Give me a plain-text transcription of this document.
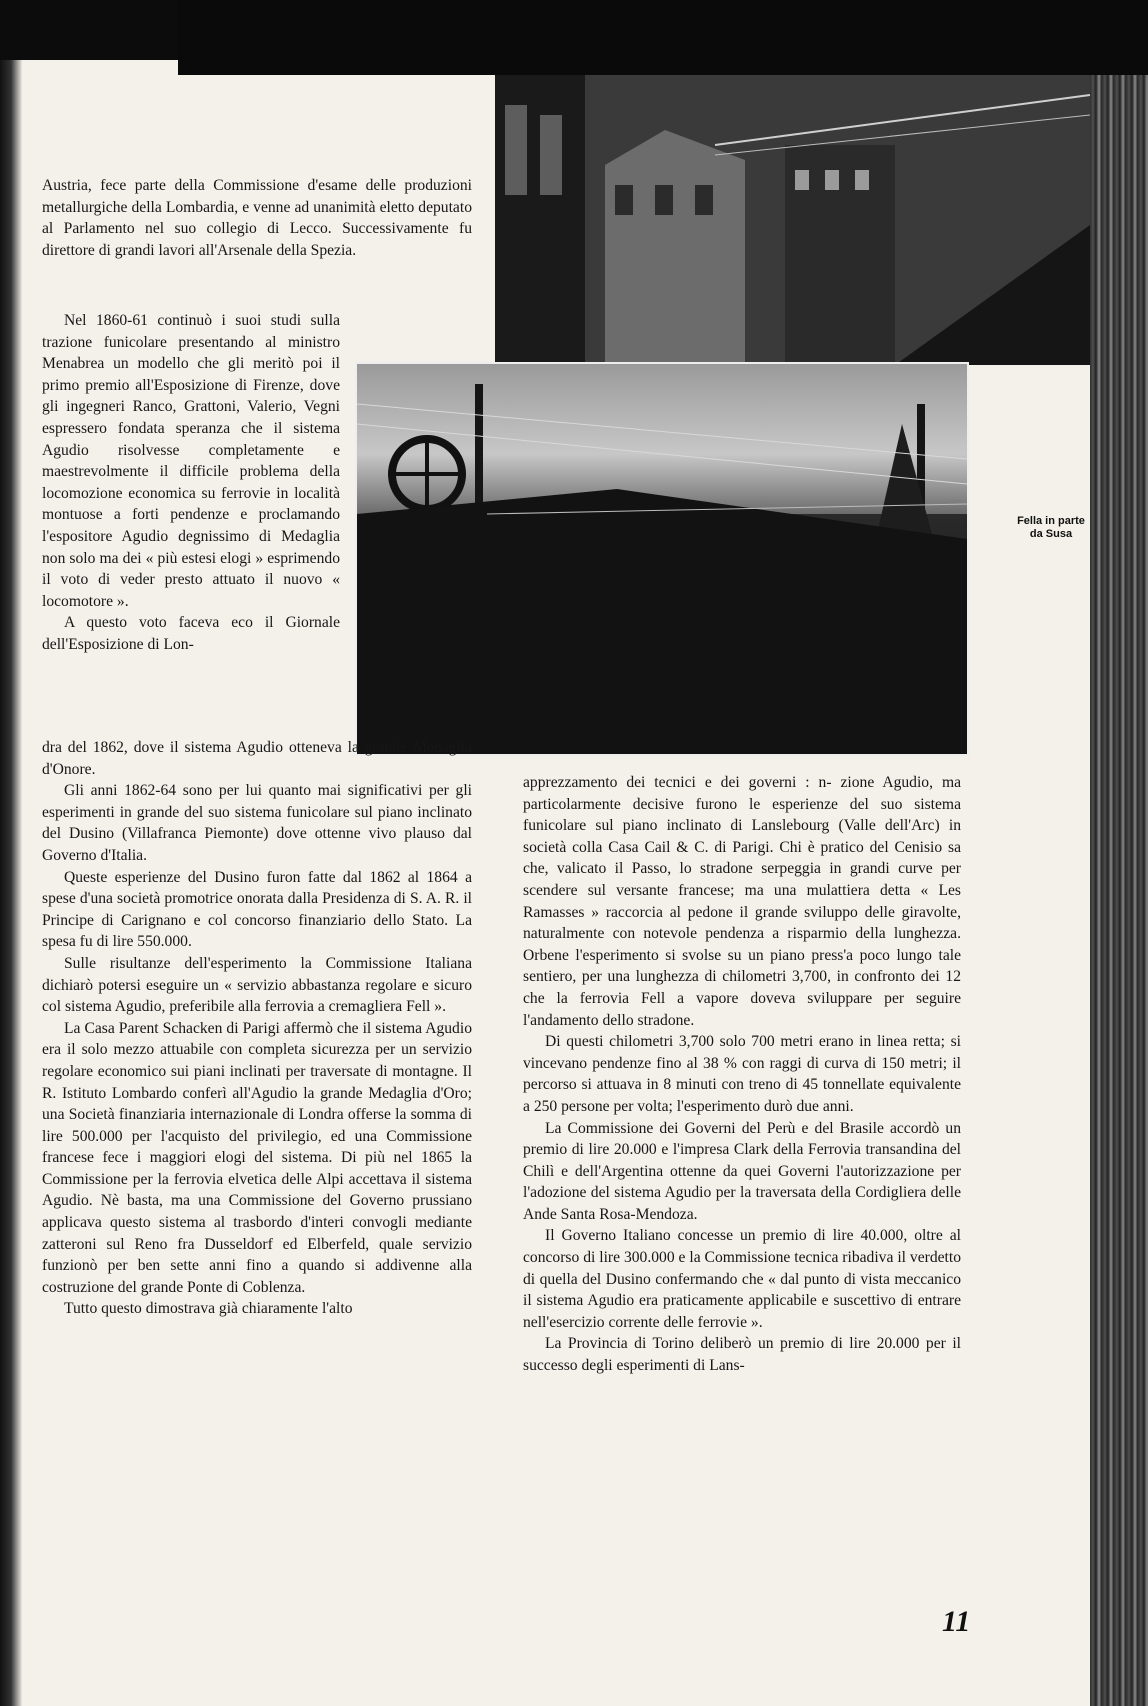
Fella in parte
da Susa

Austria, fece parte della Commissione d'esame delle produzioni metallurgiche della Lombardia, e venne ad unanimità eletto deputato al Parlamento nel suo collegio di Lecco. Successivamente fu direttore di grandi lavori all'Arsenale della Spezia.

Nel 1860-61 continuò i suoi studi sulla trazione funicolare presentando al ministro Menabrea un modello che gli meritò poi il primo premio all'Esposizione di Firenze, dove gli ingegneri Ranco, Grattoni, Valerio, Vegni espressero fondata speranza che il sistema Agudio risolvesse completamente e maestrevolmente il difficile problema della locomozione economica su ferrovie in località montuose a forti pendenze e proclamando l'espositore Agudio degnissimo di Medaglia non solo ma dei « più estesi elogi » esprimendo il voto di veder presto attuato il nuovo « locomotore ».

A questo voto faceva eco il Giornale dell'Esposizione di Lon-

dra del 1862, dove il sistema Agudio otteneva la grande Medaglia d'Onore.

Gli anni 1862-64 sono per lui quanto mai significativi per gli esperimenti in grande del suo sistema funicolare sul piano inclinato del Dusino (Villafranca Piemonte) dove ottenne vivo plauso dal Governo d'Italia.

Queste esperienze del Dusino furon fatte dal 1862 al 1864 a spese d'una società promotrice onorata dalla Presidenza di S. A. R. il Principe di Carignano e col concorso finanziario dello Stato. La spesa fu di lire 550.000.

Sulle risultanze dell'esperimento la Commissione Italiana dichiarò potersi eseguire un « servizio abbastanza regolare e sicuro col sistema Agudio, preferibile alla ferrovia a cremagliera Fell ».

La Casa Parent Schacken di Parigi affermò che il sistema Agudio era il solo mezzo attuabile con completa sicurezza per un servizio regolare economico sui piani inclinati per traversate di montagne. Il R. Istituto Lombardo conferì all'Agudio la grande Medaglia d'Oro; una Società finanziaria internazionale di Londra offerse la somma di lire 500.000 per l'acquisto del privilegio, ed una Commissione francese fece i maggiori elogi del sistema. Di più nel 1865 la Commissione per la ferrovia elvetica delle Alpi accettava il sistema Agudio. Nè basta, ma una Commissione del Governo prussiano applicava questo sistema al trasbordo d'interi convogli mediante zatteroni sul Reno fra Dusseldorf ed Elberfeld, quale servizio funzionò per ben sette anni fino a quando si addivenne alla costruzione del grande Ponte di Coblenza.

Tutto questo dimostrava già chiaramente l'alto

apprezzamento dei tecnici e dei governi : n- zione Agudio, ma particolarmente decisive furono le esperienze del suo sistema funicolare sul piano inclinato di Lanslebourg (Valle dell'Arc) in società colla Casa Cail & C. di Parigi. Chi è pratico del Cenisio sa che, valicato il Passo, lo stradone serpeggia in grandi curve per scendere sul versante francese; ma una mulattiera detta « Les Ramasses » raccorcia al pedone il grande sviluppo delle giravolte, naturalmente con notevole pendenza a risparmio della lunghezza. Orbene l'esperimento si svolse su un piano press'a poco lungo tale sentiero, per una lunghezza di chilometri 3,700, in confronto dei 12 che la ferrovia Fell a vapore doveva sviluppare per seguire l'andamento dello stradone.

Di questi chilometri 3,700 solo 700 metri erano in linea retta; si vincevano pendenze fino al 38 % con raggi di curva di 150 metri; il percorso si attuava in 8 minuti con treno di 45 tonnellate equivalente a 250 persone per volta; l'esperimento durò due anni.

La Commissione dei Governi del Perù e del Brasile accordò un premio di lire 20.000 e l'impresa Clark della Ferrovia transandina del Chilì e dell'Argentina ottenne da quei Governi l'autorizzazione per l'adozione del sistema Agudio per la traversata della Cordigliera delle Ande Santa Rosa-Mendoza.

Il Governo Italiano concesse un premio di lire 40.000, oltre al concorso di lire 300.000 e la Commissione tecnica ribadiva il verdetto di quella del Dusino confermando che « dal punto di vista meccanico il sistema Agudio era praticamente applicabile e suscettivo di entrare nell'esercizio corrente delle ferrovie ».

La Provincia di Torino deliberò un premio di lire 20.000 per il successo degli esperimenti di Lans-

11
